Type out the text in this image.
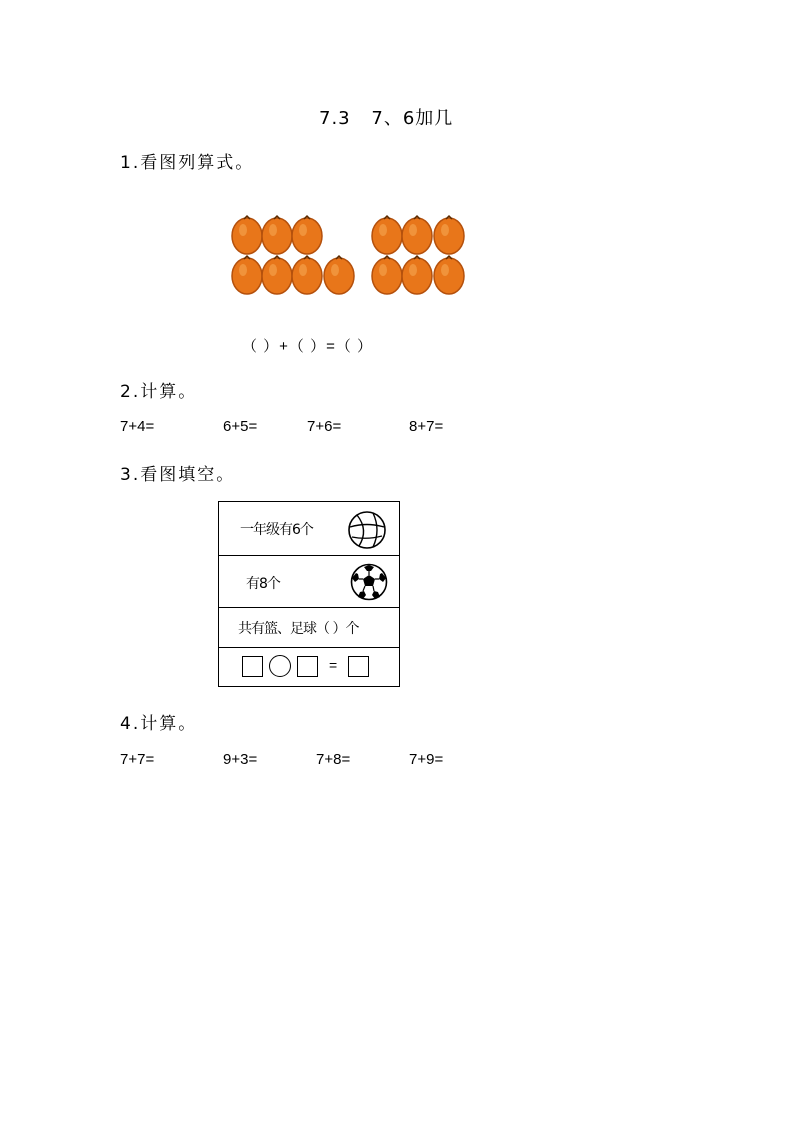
7.3 7、6加几
1.看图列算式。
（ ）+（ ）=（ ）
2.计算。
7+4=	6+5=	7+6=	8+7=
3.看图填空。
一年级有6个
有8个
共有篮、足球（ ）个
=
4.计算。
7+7=	9+3=	7+8=	7+9=
